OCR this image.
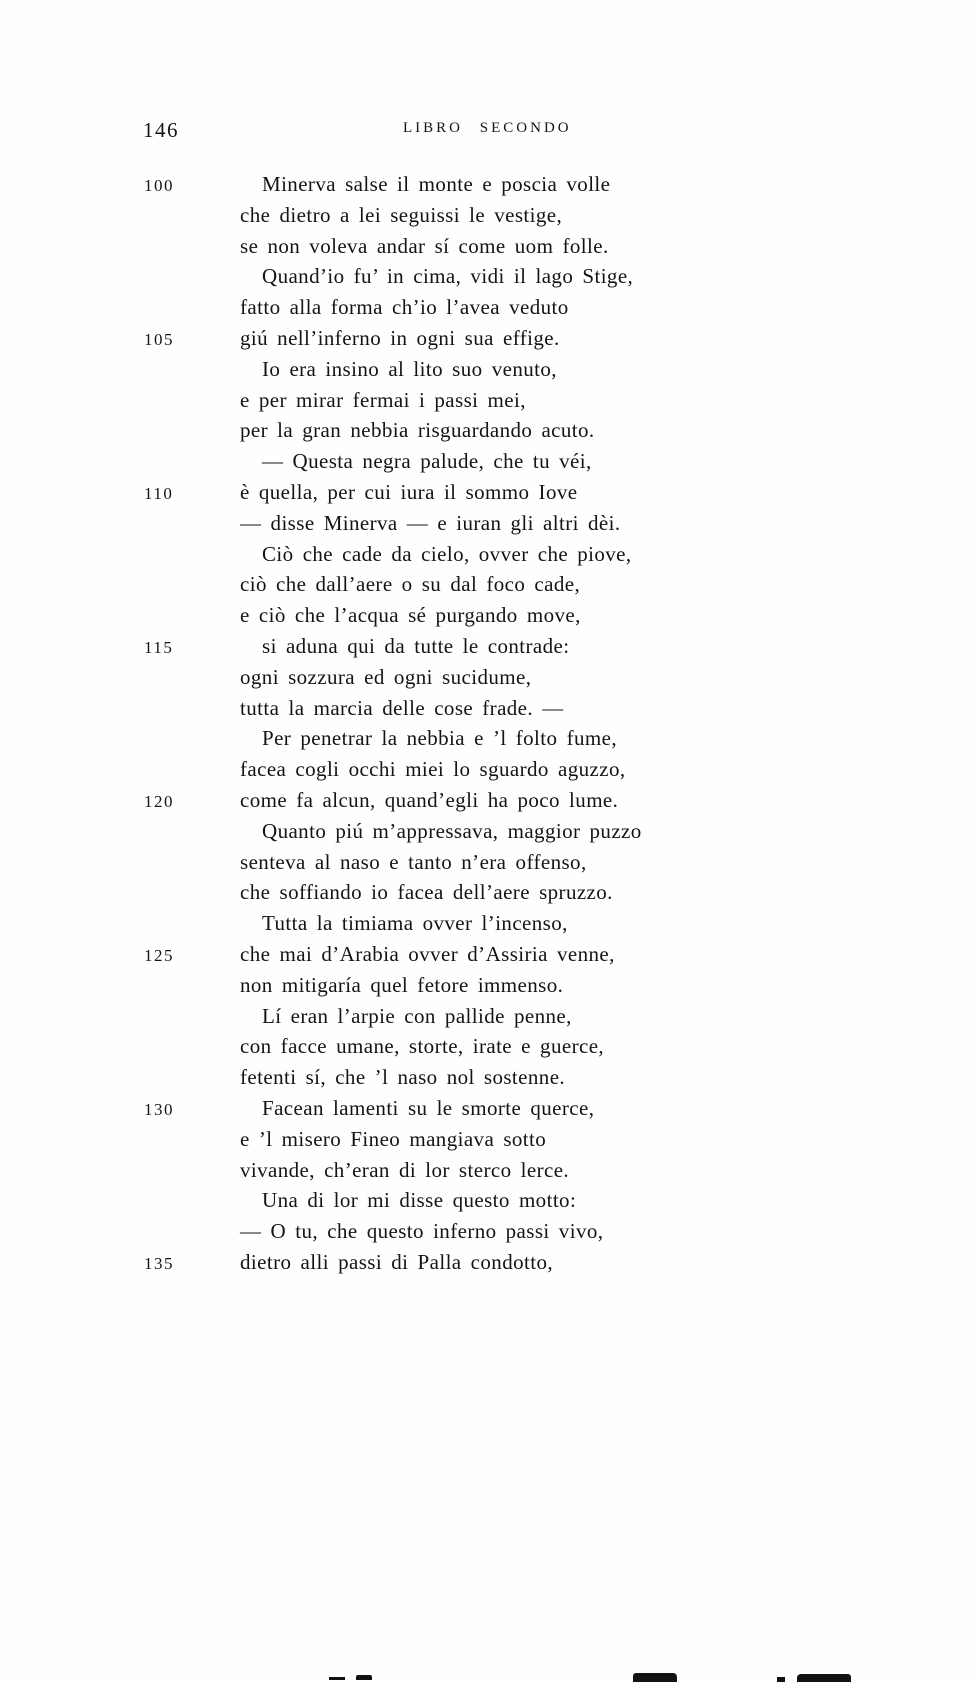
146	LIBRO SECONDO
100	Minerva salse il monte e poscia volle
che dietro a lei seguissi le vestige,
se non voleva andar sí come uom folle.
Quand’io fu’ in cima, vidi il lago Stige,
fatto alla forma ch’io l’avea veduto
105	giú nell’inferno in ogni sua effige.
Io era insino al lito suo venuto,
e per mirar fermai i passi mei,
per la gran nebbia risguardando acuto.
— Questa negra palude, che tu véi,
110	è quella, per cui iura il sommo Iove
— disse Minerva — e iuran gli altri dèi.
Ciò che cade da cielo, ovver che piove,
ciò che dall’aere o su dal foco cade,
e ciò che l’acqua sé purgando move,
115	si aduna qui da tutte le contrade:
ogni sozzura ed ogni sucidume,
tutta la marcia delle cose frade. —
Per penetrar la nebbia e ’l folto fume,
facea cogli occhi miei lo sguardo aguzzo,
120	come fa alcun, quand’egli ha poco lume.
Quanto piú m’appressava, maggior puzzo
senteva al naso e tanto n’era offenso,
che soffiando io facea dell’aere spruzzo.
Tutta la timiama ovver l’incenso,
125	che mai d’Arabia ovver d’Assiria venne,
non mitigaría quel fetore immenso.
Lí eran l’arpie con pallide penne,
con facce umane, storte, irate e guerce,
fetenti sí, che ’l naso nol sostenne.
130	Facean lamenti su le smorte querce,
e ’l misero Fineo mangiava sotto
vivande, ch’eran di lor sterco lerce.
Una di lor mi disse questo motto:
— O tu, che questo inferno passi vivo,
135	dietro alli passi di Palla condotto,
